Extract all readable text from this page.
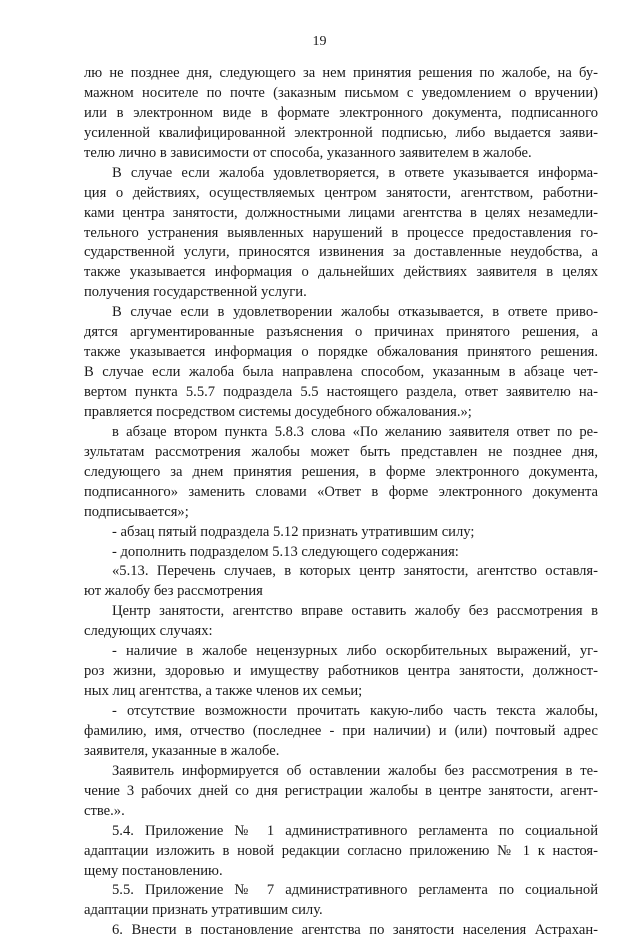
19
лю не позднее дня, следующего за нем принятия решения по жалобе, на бу-
мажном носителе по почте (заказным письмом с уведомлением о вручении)
или в электронном виде в формате электронного документа, подписанного
усиленной квалифицированной электронной подписью, либо выдается заяви-
телю лично в зависимости от способа, указанного заявителем в жалобе.
В случае если жалоба удовлетворяется, в ответе указывается информа-
ция о действиях, осуществляемых центром занятости, агентством, работни-
ками центра занятости, должностными лицами агентства в целях незамедли-
тельного устранения выявленных нарушений в процессе предоставления го-
сударственной услуги, приносятся извинения за доставленные неудобства, а
также указывается информация о дальнейших действиях заявителя в целях
получения государственной услуги.
В случае если в удовлетворении жалобы отказывается, в ответе приво-
дятся аргументированные разъяснения о причинах принятого решения, а
также указывается информация о порядке обжалования принятого решения.
В случае если жалоба была направлена способом, указанным в абзаце чет-
вертом пункта 5.5.7 подраздела 5.5 настоящего раздела, ответ заявителю на-
правляется посредством системы досудебного обжалования.»;
в абзаце втором пункта 5.8.3 слова «По желанию заявителя ответ по ре-
зультатам рассмотрения жалобы может быть представлен не позднее дня,
следующего за днем принятия решения, в форме электронного документа,
подписанного» заменить словами «Ответ в форме электронного документа
подписывается»;
- абзац пятый подраздела 5.12 признать утратившим силу;
- дополнить подразделом 5.13 следующего содержания:
«5.13. Перечень случаев, в которых центр занятости, агентство оставля-
ют жалобу без рассмотрения
Центр занятости, агентство вправе оставить жалобу без рассмотрения в
следующих случаях:
- наличие в жалобе нецензурных либо оскорбительных выражений, уг-
роз жизни, здоровью и имуществу работников центра занятости, должност-
ных лиц агентства, а также членов их семьи;
- отсутствие возможности прочитать какую-либо часть текста жалобы,
фамилию, имя, отчество (последнее - при наличии) и (или) почтовый адрес
заявителя, указанные в жалобе.
Заявитель информируется об оставлении жалобы без рассмотрения в те-
чение 3 рабочих дней со дня регистрации жалобы в центре занятости, агент-
стве.».
5.4. Приложение № 1 административного регламента по социальной
адаптации изложить в новой редакции согласно приложению № 1 к настоя-
щему постановлению.
5.5. Приложение № 7 административного регламента по социальной
адаптации признать утратившим силу.
6. Внести в постановление агентства по занятости населения Астрахан-
